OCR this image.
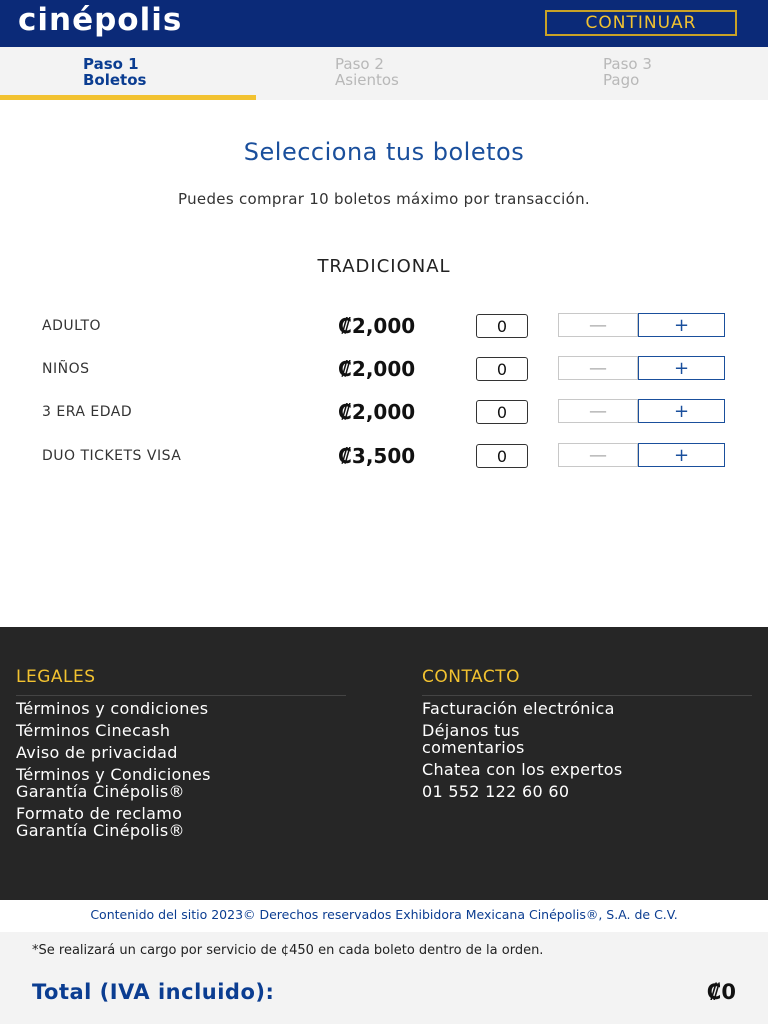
cinépolis	CONTINUAR
Paso 1
Boletos
Paso 2
Asientos
Paso 3
Pago
Selecciona tus boletos
Puedes comprar 10 boletos máximo por transacción.
TRADICIONAL
ADULTO	₡2,000	0	—	+
NIÑOS	₡2,000	0	—	+
3 ERA EDAD	₡2,000	0	—	+
DUO TICKETS VISA	₡3,500	0	—	+
LEGALES
Términos y condiciones
Términos Cinecash
Aviso de privacidad
Términos y Condiciones
Garantía Cinépolis®
Formato de reclamo
Garantía Cinépolis®
CONTACTO
Facturación electrónica
Déjanos tus
comentarios
Chatea con los expertos
01 552 122 60 60
Contenido del sitio 2023© Derechos reservados Exhibidora Mexicana Cinépolis®, S.A. de C.V.
*Se realizará un cargo por servicio de ¢450 en cada boleto dentro de la orden.
Total (IVA incluido):	₡0
